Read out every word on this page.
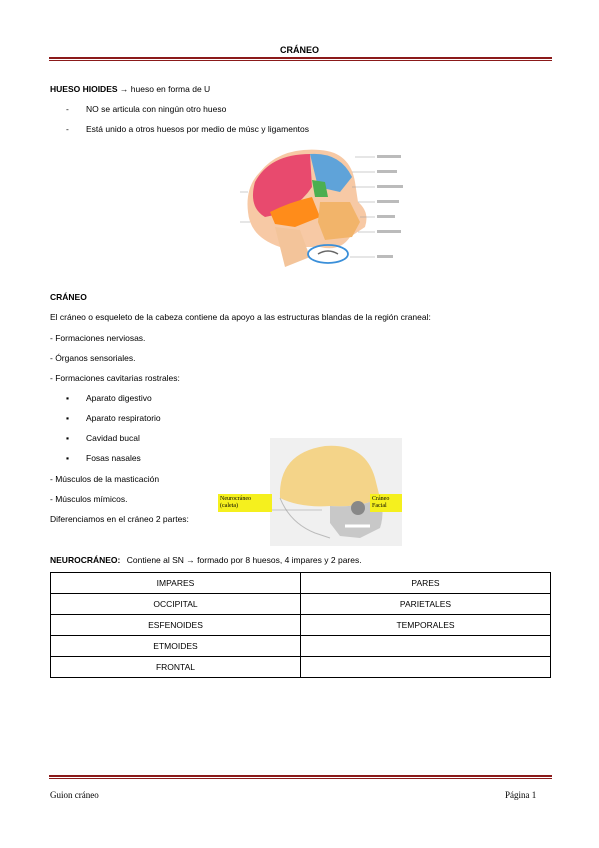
CRÁNEO
HUESO HIOIDES → hueso en forma de U
- NO se articula con ningún otro hueso
- Está unido a otros huesos por medio de músc y ligamentos
CRÁNEO
El cráneo o esqueleto de la cabeza contiene da apoyo a las estructuras blandas de la región craneal:
- Formaciones nerviosas.
- Órganos sensoriales.
- Formaciones cavitarias rostrales:
▪ Aparato digestivo
▪ Aparato respiratorio
▪ Cavidad bucal
▪ Fosas nasales
- Músculos de la masticación
- Músculos mímicos.
Diferenciamos en el cráneo 2 partes:
Neurocráneo (caleta)
Cráneo Facial
NEUROCRÁNEO: Contiene al SN → formado por 8 huesos, 4 impares y 2 pares.
IMPARES	PARES
OCCIPITAL	PARIETALES
ESFENOIDES	TEMPORALES
ETMOIDES	
FRONTAL	
Guion cráneo	Página 1
